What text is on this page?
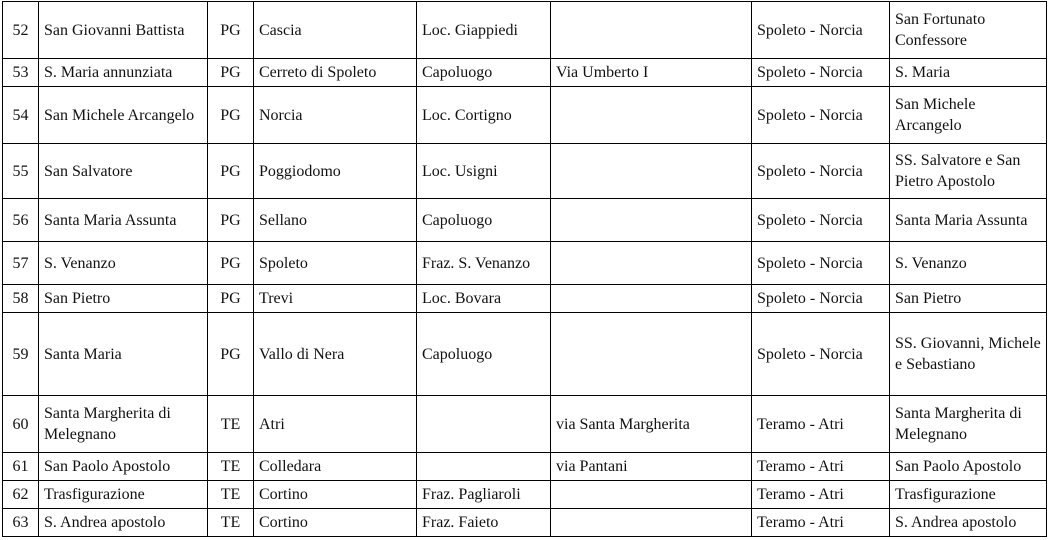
52	San Giovanni Battista	PG	Cascia	Loc. Giappiedi		Spoleto - Norcia	San Fortunato Confessore
53	S. Maria annunziata	PG	Cerreto di Spoleto	Capoluogo	Via Umberto I	Spoleto - Norcia	S. Maria
54	San Michele Arcangelo	PG	Norcia	Loc. Cortigno		Spoleto - Norcia	San Michele Arcangelo
55	San Salvatore	PG	Poggiodomo	Loc. Usigni		Spoleto - Norcia	SS. Salvatore e San Pietro Apostolo
56	Santa Maria Assunta	PG	Sellano	Capoluogo		Spoleto - Norcia	Santa Maria Assunta
57	S. Venanzo	PG	Spoleto	Fraz. S. Venanzo		Spoleto - Norcia	S. Venanzo
58	San Pietro	PG	Trevi	Loc. Bovara		Spoleto - Norcia	San Pietro
59	Santa Maria	PG	Vallo di Nera	Capoluogo		Spoleto - Norcia	SS. Giovanni, Michele e Sebastiano
60	Santa Margherita di Melegnano	TE	Atri		via Santa Margherita	Teramo - Atri	Santa Margherita di Melegnano
61	San Paolo Apostolo	TE	Colledara		via Pantani	Teramo - Atri	San Paolo Apostolo
62	Trasfigurazione	TE	Cortino	Fraz. Pagliaroli		Teramo - Atri	Trasfigurazione
63	S. Andrea apostolo	TE	Cortino	Fraz. Faieto		Teramo - Atri	S. Andrea apostolo
